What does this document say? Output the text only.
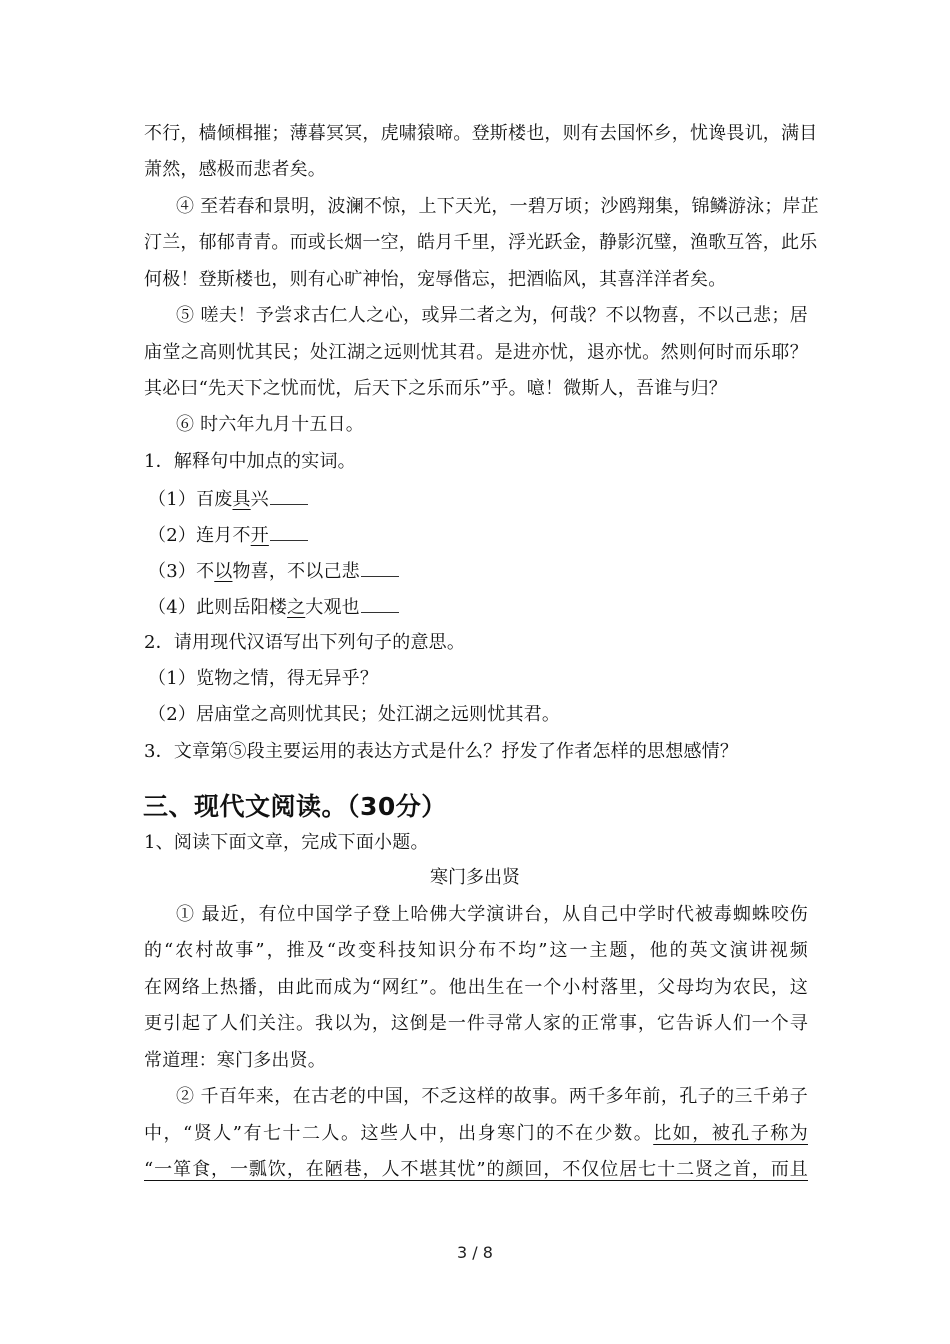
不行，樯倾楫摧；薄暮冥冥，虎啸猿啼。登斯楼也，则有去国怀乡，忧谗畏讥，满目
萧然，感极而悲者矣。
④ 至若春和景明，波澜不惊，上下天光，一碧万顷；沙鸥翔集，锦鳞游泳；岸芷
汀兰，郁郁青青。而或长烟一空，皓月千里，浮光跃金，静影沉璧，渔歌互答，此乐
何极！登斯楼也，则有心旷神怡，宠辱偕忘，把酒临风，其喜洋洋者矣。
⑤ 嗟夫！予尝求古仁人之心，或异二者之为，何哉？不以物喜，不以己悲；居
庙堂之高则忧其民；处江湖之远则忧其君。是进亦忧，退亦忧。然则何时而乐耶？
其必曰“先天下之忧而忧，后天下之乐而乐”乎。噫！微斯人，吾谁与归？
⑥ 时六年九月十五日。
1．解释句中加点的实词。
（1）百废具兴
（2）连月不开
（3）不以物喜，不以己悲
（4）此则岳阳楼之大观也
2．请用现代汉语写出下列句子的意思。
（1）览物之情，得无异乎？
（2）居庙堂之高则忧其民；处江湖之远则忧其君。
3．文章第⑤段主要运用的表达方式是什么？抒发了作者怎样的思想感情？
三、现代文阅读。（30分）
1、阅读下面文章，完成下面小题。
寒门多出贤
① 最近，有位中国学子登上哈佛大学演讲台，从自己中学时代被毒蜘蛛咬伤
的“农村故事”，推及“改变科技知识分布不均”这一主题，他的英文演讲视频
在网络上热播，由此而成为“网红”。他出生在一个小村落里，父母均为农民，这
更引起了人们关注。我以为，这倒是一件寻常人家的正常事，它告诉人们一个寻
常道理：寒门多出贤。
② 千百年来，在古老的中国，不乏这样的故事。两千多年前，孔子的三千弟子
中，“贤人”有七十二人。这些人中，出身寒门的不在少数。比如，被孔子称为
“一箪食，一瓢饮，在陋巷，人不堪其忧”的颜回，不仅位居七十二贤之首，而且
3 / 8
